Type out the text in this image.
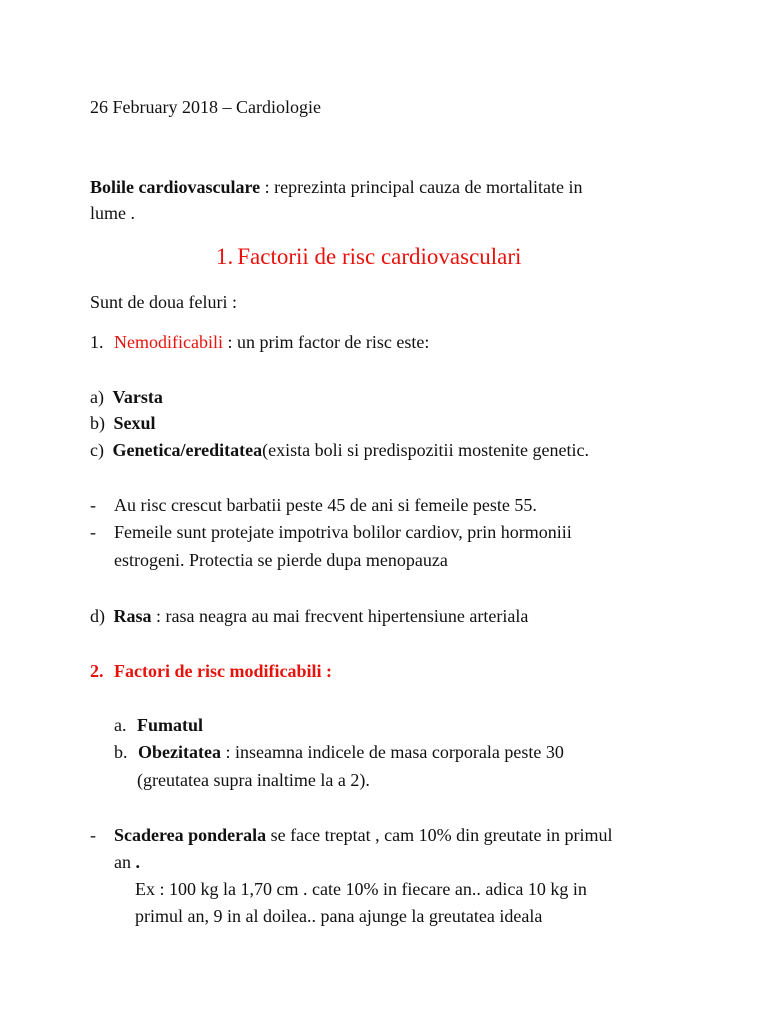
26 February 2018 – Cardiologie
Bolile cardiovasculare : reprezinta principal cauza de mortalitate in
lume .
1. Factorii de risc cardiovasculari
Sunt de doua feluri :
1. Nemodificabili : un prim factor de risc este:
a) Varsta
b) Sexul
c) Genetica/ereditatea(exista boli si predispozitii mostenite genetic.
- Au risc crescut barbatii peste 45 de ani si femeile peste 55.
- Femeile sunt protejate impotriva bolilor cardiov, prin hormoniii
estrogeni. Protectia se pierde dupa menopauza
d) Rasa : rasa neagra au mai frecvent hipertensiune arteriala
2. Factori de risc modificabili :
a. Fumatul
b. Obezitatea : inseamna indicele de masa corporala peste 30
(greutatea supra inaltime la a 2).
- Scaderea ponderala se face treptat , cam 10% din greutate in primul
an .
Ex : 100 kg la 1,70 cm . cate 10% in fiecare an.. adica 10 kg in
primul an, 9 in al doilea.. pana ajunge la greutatea ideala
